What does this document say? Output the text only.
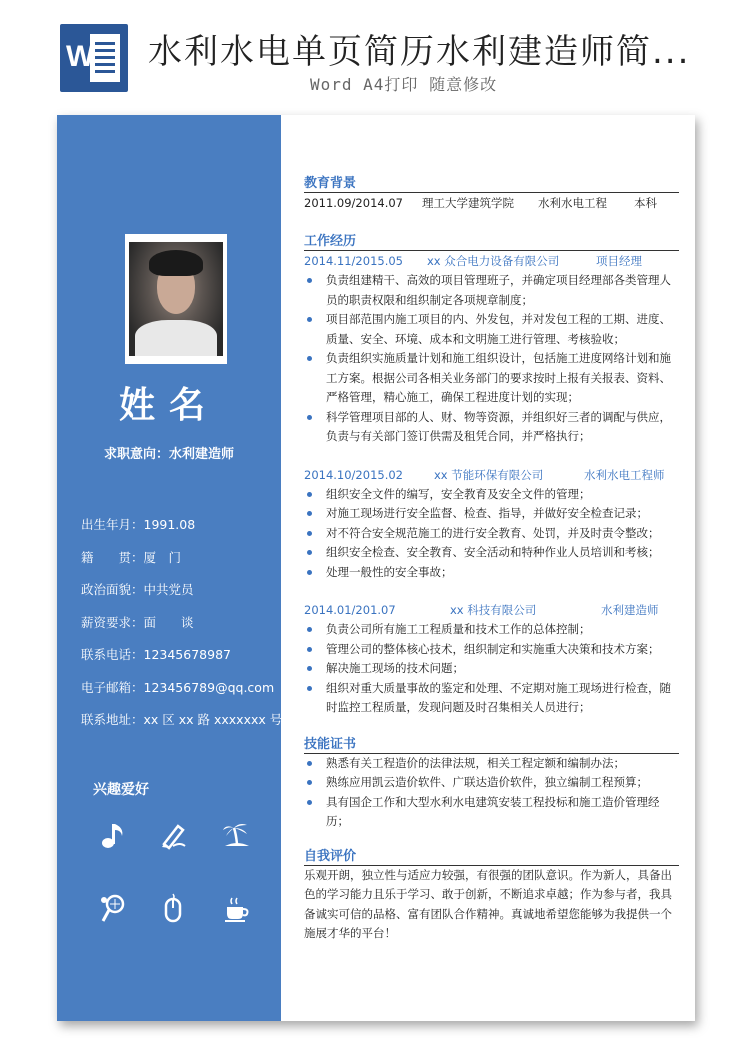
W 水利水电单页简历水利建造师简...
Word A4打印 随意修改
姓名
求职意向：水利建造师
出生年月：1991.08
籍　　贯：厦　门
政治面貌：中共党员
薪资要求：面　　谈
联系电话：12345678987
电子邮箱：123456789@qq.com
联系地址：xx 区 xx 路 xxxxxxx 号
兴趣爱好
教育背景
2011.09/2014.07 理工大学建筑学院 水利水电工程 本科
工作经历
2014.11/2015.05 xx 众合电力设备有限公司	项目经理
负责组建精干、高效的项目管理班子，并确定项目经理部各类管理人员的职责权限和组织制定各项规章制度；
项目部范围内施工项目的内、外发包，并对发包工程的工期、进度、质量、安全、环境、成本和文明施工进行管理、考核验收；
负责组织实施质量计划和施工组织设计，包括施工进度网络计划和施工方案。根据公司各相关业务部门的要求按时上报有关报表、资料、严格管理，精心施工，确保工程进度计划的实现；
科学管理项目部的人、财、物等资源，并组织好三者的调配与供应，负责与有关部门签订供需及租凭合同，并严格执行；
2014.10/2015.02	xx 节能环保有限公司	水利水电工程师
组织安全文件的编写，安全教育及安全文件的管理；
对施工现场进行安全监督、检查、指导，并做好安全检查记录；
对不符合安全规范施工的进行安全教育、处罚，并及时责令整改；
组织安全检查、安全教育、安全活动和特种作业人员培训和考核；
处理一般性的安全事故；
2014.01/201.07	xx 科技有限公司	水利建造师
负责公司所有施工工程质量和技术工作的总体控制；
管理公司的整体核心技术，组织制定和实施重大决策和技术方案；
解决施工现场的技术问题；
组织对重大质量事故的鉴定和处理、不定期对施工现场进行检查，随时监控工程质量，发现问题及时召集相关人员进行；
技能证书
熟悉有关工程造价的法律法规，相关工程定额和编制办法；
熟练应用凯云造价软件、广联达造价软件，独立编制工程预算；
具有国企工作和大型水利水电建筑安装工程投标和施工造价管理经历；
自我评价
乐观开朗，独立性与适应力较强，有很强的团队意识。作为新人，具备出色的学习能力且乐于学习、敢于创新，不断追求卓越；作为参与者，我具备诚实可信的品格、富有团队合作精神。真诚地希望您能够为我提供一个施展才华的平台！
